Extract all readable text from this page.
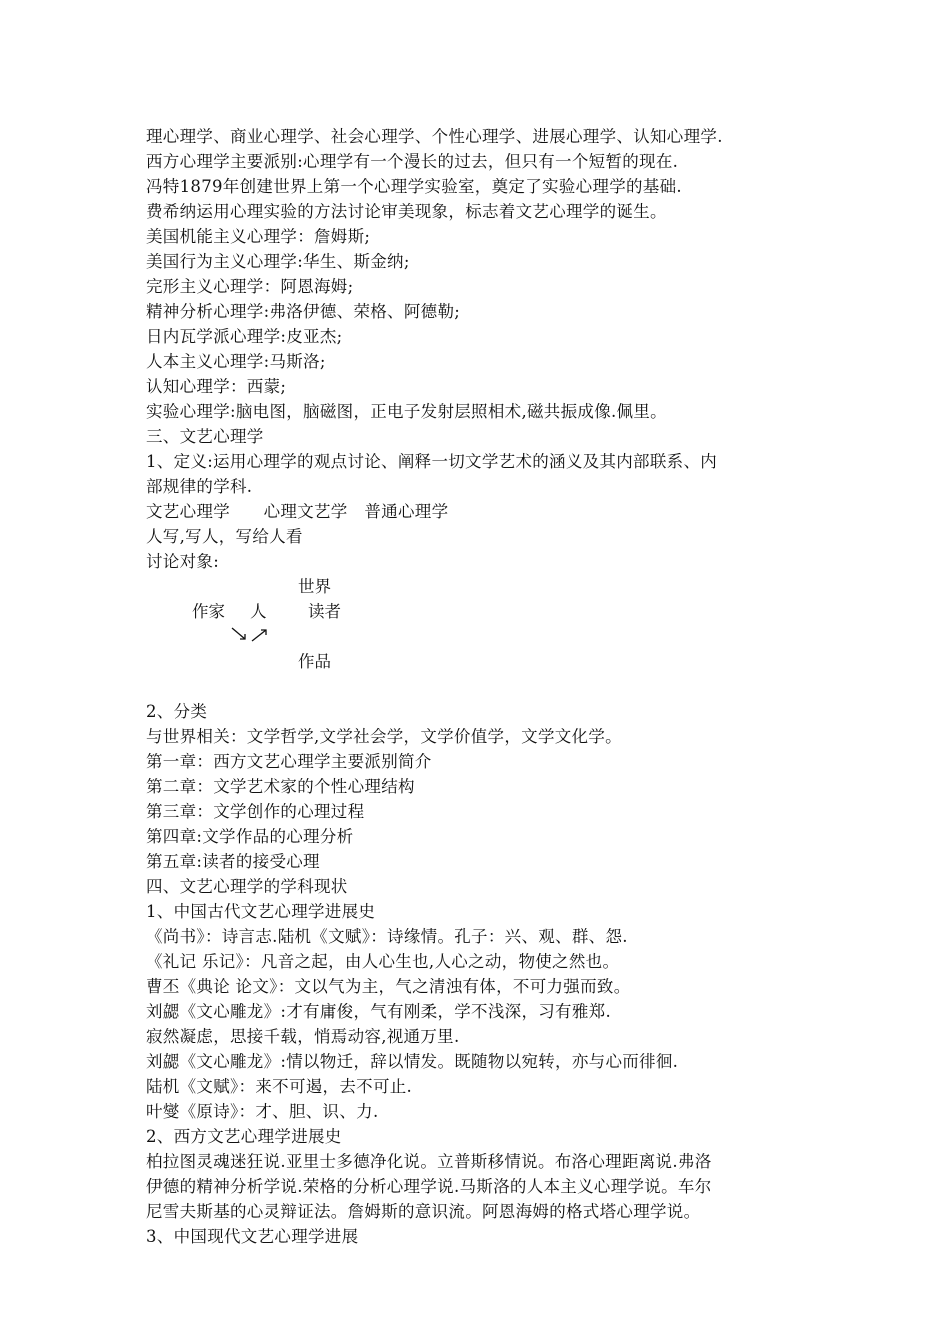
理心理学、商业心理学、社会心理学、个性心理学、进展心理学、认知心理学.
西方心理学主要派别:心理学有一个漫长的过去，但只有一个短暂的现在.
冯特1879年创建世界上第一个心理学实验室，奠定了实验心理学的基础.
费希纳运用心理实验的方法讨论审美现象，标志着文艺心理学的诞生。
美国机能主义心理学：詹姆斯;
美国行为主义心理学:华生、斯金纳;
完形主义心理学：阿恩海姆;
精神分析心理学:弗洛伊德、荣格、阿德勒;
日内瓦学派心理学:皮亚杰;
人本主义心理学:马斯洛;
认知心理学：西蒙;
实验心理学:脑电图，脑磁图，正电子发射层照相术,磁共振成像.佩里。
三、文艺心理学
1、定义:运用心理学的观点讨论、阐释一切文学艺术的涵义及其内部联系、内
部规律的学科.
文艺心理学　　心理文艺学　普通心理学
人写,写人，写给人看
讨论对象:
世界
作家 人	读者
作品
2、分类
与世界相关：文学哲学,文学社会学，文学价值学，文学文化学。
第一章：西方文艺心理学主要派别简介
第二章：文学艺术家的个性心理结构
第三章：文学创作的心理过程
第四章:文学作品的心理分析
第五章:读者的接受心理
四、文艺心理学的学科现状
1、中国古代文艺心理学进展史
《尚书》：诗言志.陆机《文赋》：诗缘情。孔子：兴、观、群、怨.
《礼记 乐记》：凡音之起，由人心生也,人心之动，物使之然也。
曹丕《典论 论文》：文以气为主，气之清浊有体，不可力强而致。
刘勰《文心雕龙》:才有庸俊，气有刚柔，学不浅深，习有雅郑.
寂然凝虑，思接千载，悄焉动容,视通万里.
刘勰《文心雕龙》:情以物迁，辞以情发。既随物以宛转，亦与心而徘徊.
陆机《文赋》：来不可遏，去不可止.
叶燮《原诗》：才、胆、识、力.
2、西方文艺心理学进展史
柏拉图灵魂迷狂说.亚里士多德净化说。立普斯移情说。布洛心理距离说.弗洛
伊德的精神分析学说.荣格的分析心理学说.马斯洛的人本主义心理学说。车尔
尼雪夫斯基的心灵辩证法。詹姆斯的意识流。阿恩海姆的格式塔心理学说。
3、中国现代文艺心理学进展
